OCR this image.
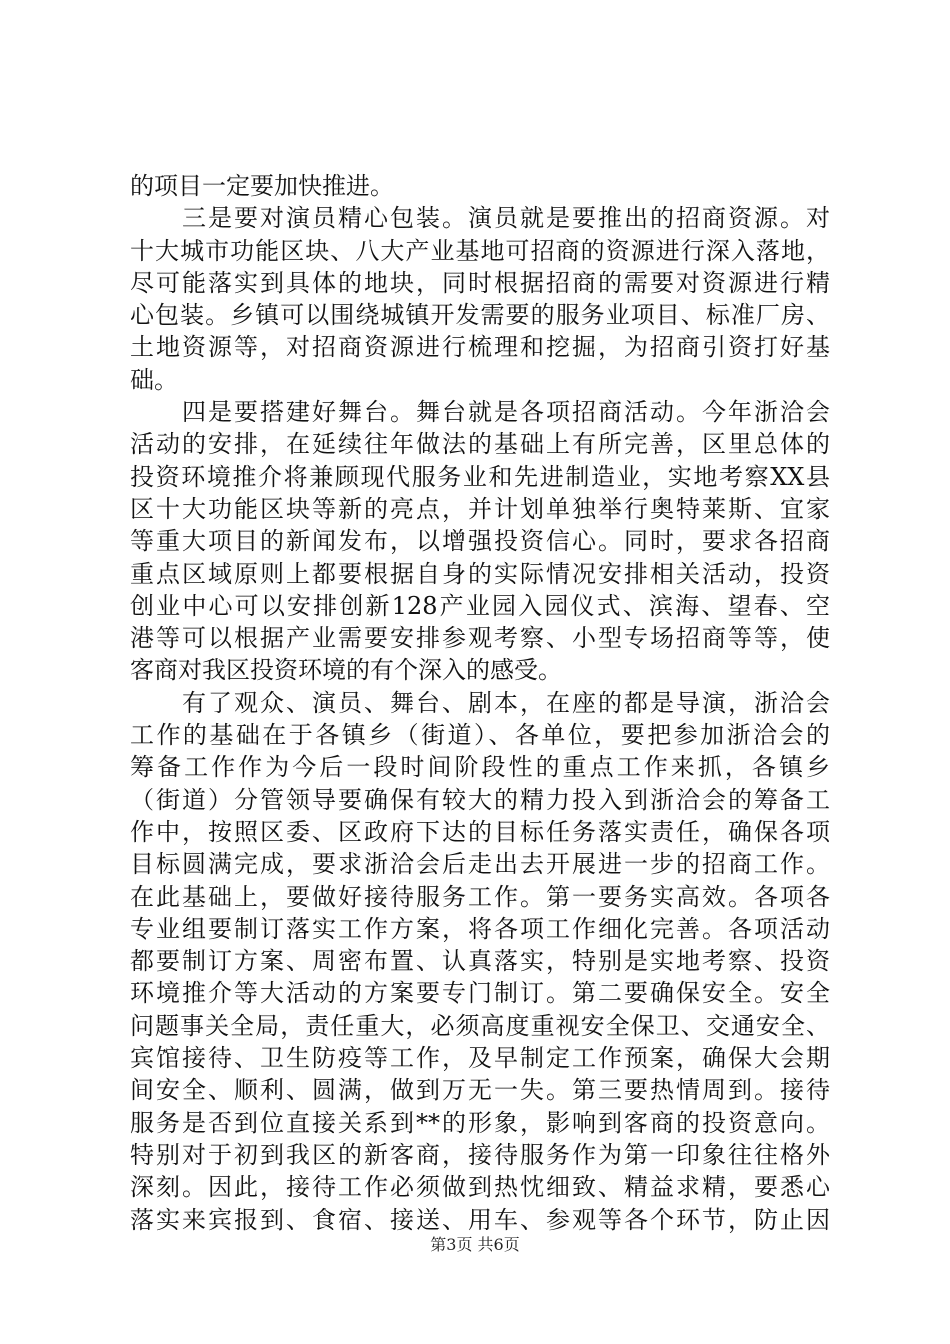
的项目一定要加快推进。
　　三是要对演员精心包装。演员就是要推出的招商资源。对
十大城市功能区块、八大产业基地可招商的资源进行深入落地，
尽可能落实到具体的地块，同时根据招商的需要对资源进行精
心包装。乡镇可以围绕城镇开发需要的服务业项目、标准厂房、
土地资源等，对招商资源进行梳理和挖掘，为招商引资打好基
础。
　　四是要搭建好舞台。舞台就是各项招商活动。今年浙洽会
活动的安排，在延续往年做法的基础上有所完善，区里总体的
投资环境推介将兼顾现代服务业和先进制造业，实地考察XX县
区十大功能区块等新的亮点，并计划单独举行奥特莱斯、宜家
等重大项目的新闻发布，以增强投资信心。同时，要求各招商
重点区域原则上都要根据自身的实际情况安排相关活动，投资
创业中心可以安排创新128产业园入园仪式、滨海、望春、空
港等可以根据产业需要安排参观考察、小型专场招商等等，使
客商对我区投资环境的有个深入的感受。
　　有了观众、演员、舞台、剧本，在座的都是导演，浙洽会
工作的基础在于各镇乡（街道）、各单位，要把参加浙洽会的
筹备工作作为今后一段时间阶段性的重点工作来抓，各镇乡
（街道）分管领导要确保有较大的精力投入到浙洽会的筹备工
作中，按照区委、区政府下达的目标任务落实责任，确保各项
目标圆满完成，要求浙洽会后走出去开展进一步的招商工作。
在此基础上，要做好接待服务工作。第一要务实高效。各项各
专业组要制订落实工作方案，将各项工作细化完善。各项活动
都要制订方案、周密布置、认真落实，特别是实地考察、投资
环境推介等大活动的方案要专门制订。第二要确保安全。安全
问题事关全局，责任重大，必须高度重视安全保卫、交通安全、
宾馆接待、卫生防疫等工作，及早制定工作预案，确保大会期
间安全、顺利、圆满，做到万无一失。第三要热情周到。接待
服务是否到位直接关系到**的形象，影响到客商的投资意向。
特别对于初到我区的新客商，接待服务作为第一印象往往格外
深刻。因此，接待工作必须做到热忱细致、精益求精，要悉心
落实来宾报到、食宿、接送、用车、参观等各个环节，防止因
第3页 共6页
